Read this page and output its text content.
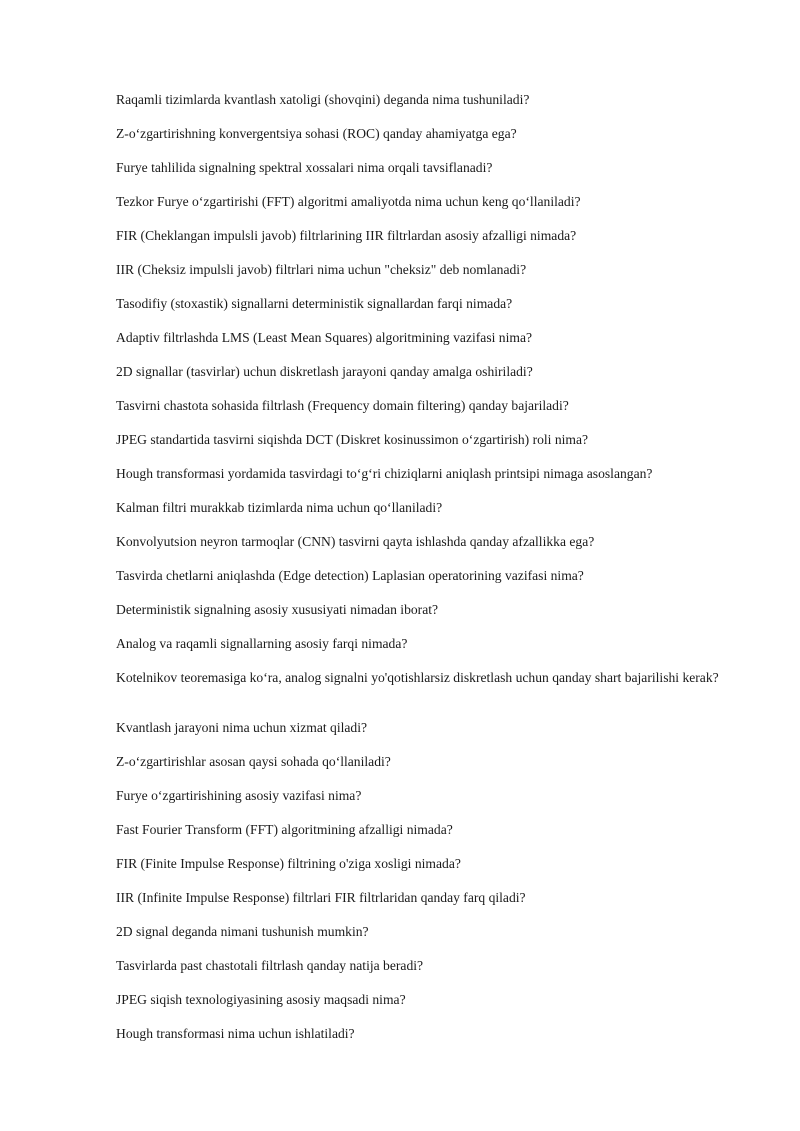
Raqamli tizimlarda kvantlash xatoligi (shovqini) deganda nima tushuniladi?

Z-oʻzgartirishning konvergentsiya sohasi (ROC) qanday ahamiyatga ega?

Furye tahlilida signalning spektral xossalari nima orqali tavsiflanadi?

Tezkor Furye oʻzgartirishi (FFT) algoritmi amaliyotda nima uchun keng qoʻllaniladi?

FIR (Cheklangan impulsli javob) filtrlarining IIR filtrlardan asosiy afzalligi nimada?

IIR (Cheksiz impulsli javob) filtrlari nima uchun "cheksiz" deb nomlanadi?

Tasodifiy (stoxastik) signallarni deterministik signallardan farqi nimada?

Adaptiv filtrlashda LMS (Least Mean Squares) algoritmining vazifasi nima?

2D signallar (tasvirlar) uchun diskretlash jarayoni qanday amalga oshiriladi?

Tasvirni chastota sohasida filtrlash (Frequency domain filtering) qanday bajariladi?

JPEG standartida tasvirni siqishda DCT (Diskret kosinussimon oʻzgartirish) roli nima?

Hough transformasi yordamida tasvirdagi toʻgʻri chiziqlarni aniqlash printsipi nimaga asoslangan?

Kalman filtri murakkab tizimlarda nima uchun qoʻllaniladi?

Konvolyutsion neyron tarmoqlar (CNN) tasvirni qayta ishlashda qanday afzallikka ega?

Tasvirda chetlarni aniqlashda (Edge detection) Laplasian operatorining vazifasi nima?

Deterministik signalning asosiy xususiyati nimadan iborat?

Analog va raqamli signallarning asosiy farqi nimada?

Kotelnikov teoremasiga koʻra, analog signalni yo'qotishlarsiz diskretlash uchun qanday shart bajarilishi kerak?

Kvantlash jarayoni nima uchun xizmat qiladi?

Z-oʻzgartirishlar asosan qaysi sohada qoʻllaniladi?

Furye oʻzgartirishining asosiy vazifasi nima?

Fast Fourier Transform (FFT) algoritmining afzalligi nimada?

FIR (Finite Impulse Response) filtrining o'ziga xosligi nimada?

IIR (Infinite Impulse Response) filtrlari FIR filtrlaridan qanday farq qiladi?

2D signal deganda nimani tushunish mumkin?

Tasvirlarda past chastotali filtrlash qanday natija beradi?

JPEG siqish texnologiyasining asosiy maqsadi nima?

Hough transformasi nima uchun ishlatiladi?
